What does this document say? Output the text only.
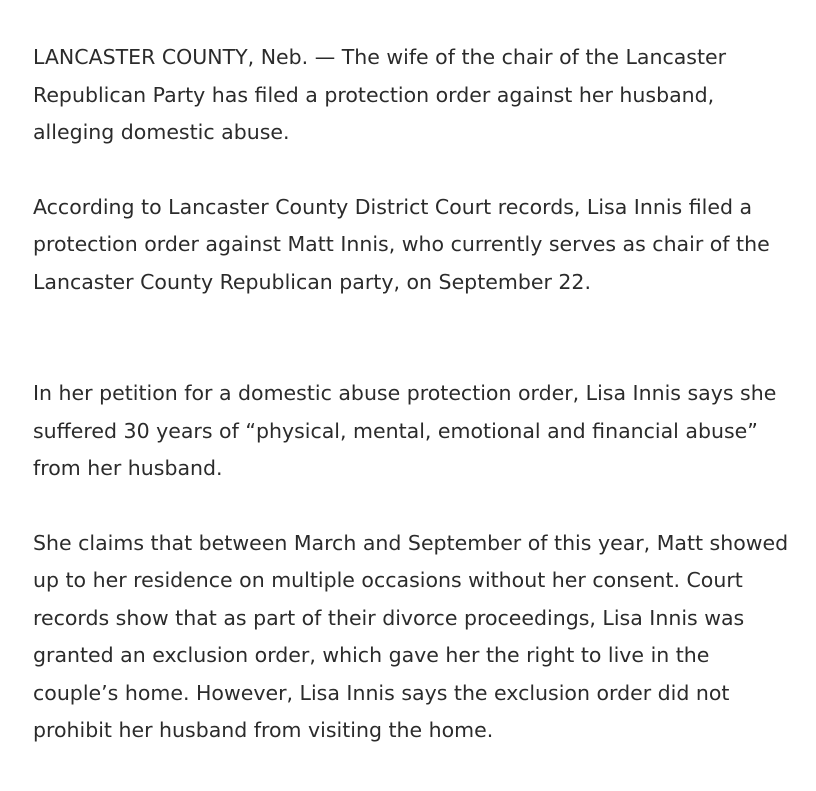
LANCASTER COUNTY, Neb. — The wife of the chair of the Lancaster Republican Party has filed a protection order against her husband, alleging domestic abuse.

According to Lancaster County District Court records, Lisa Innis filed a protection order against Matt Innis, who currently serves as chair of the Lancaster County Republican party, on September 22.

In her petition for a domestic abuse protection order, Lisa Innis says she suffered 30 years of “physical, mental, emotional and financial abuse” from her husband.

She claims that between March and September of this year, Matt showed up to her residence on multiple occasions without her consent. Court records show that as part of their divorce proceedings, Lisa Innis was granted an exclusion order, which gave her the right to live in the couple’s home. However, Lisa Innis says the exclusion order did not prohibit her husband from visiting the home.
